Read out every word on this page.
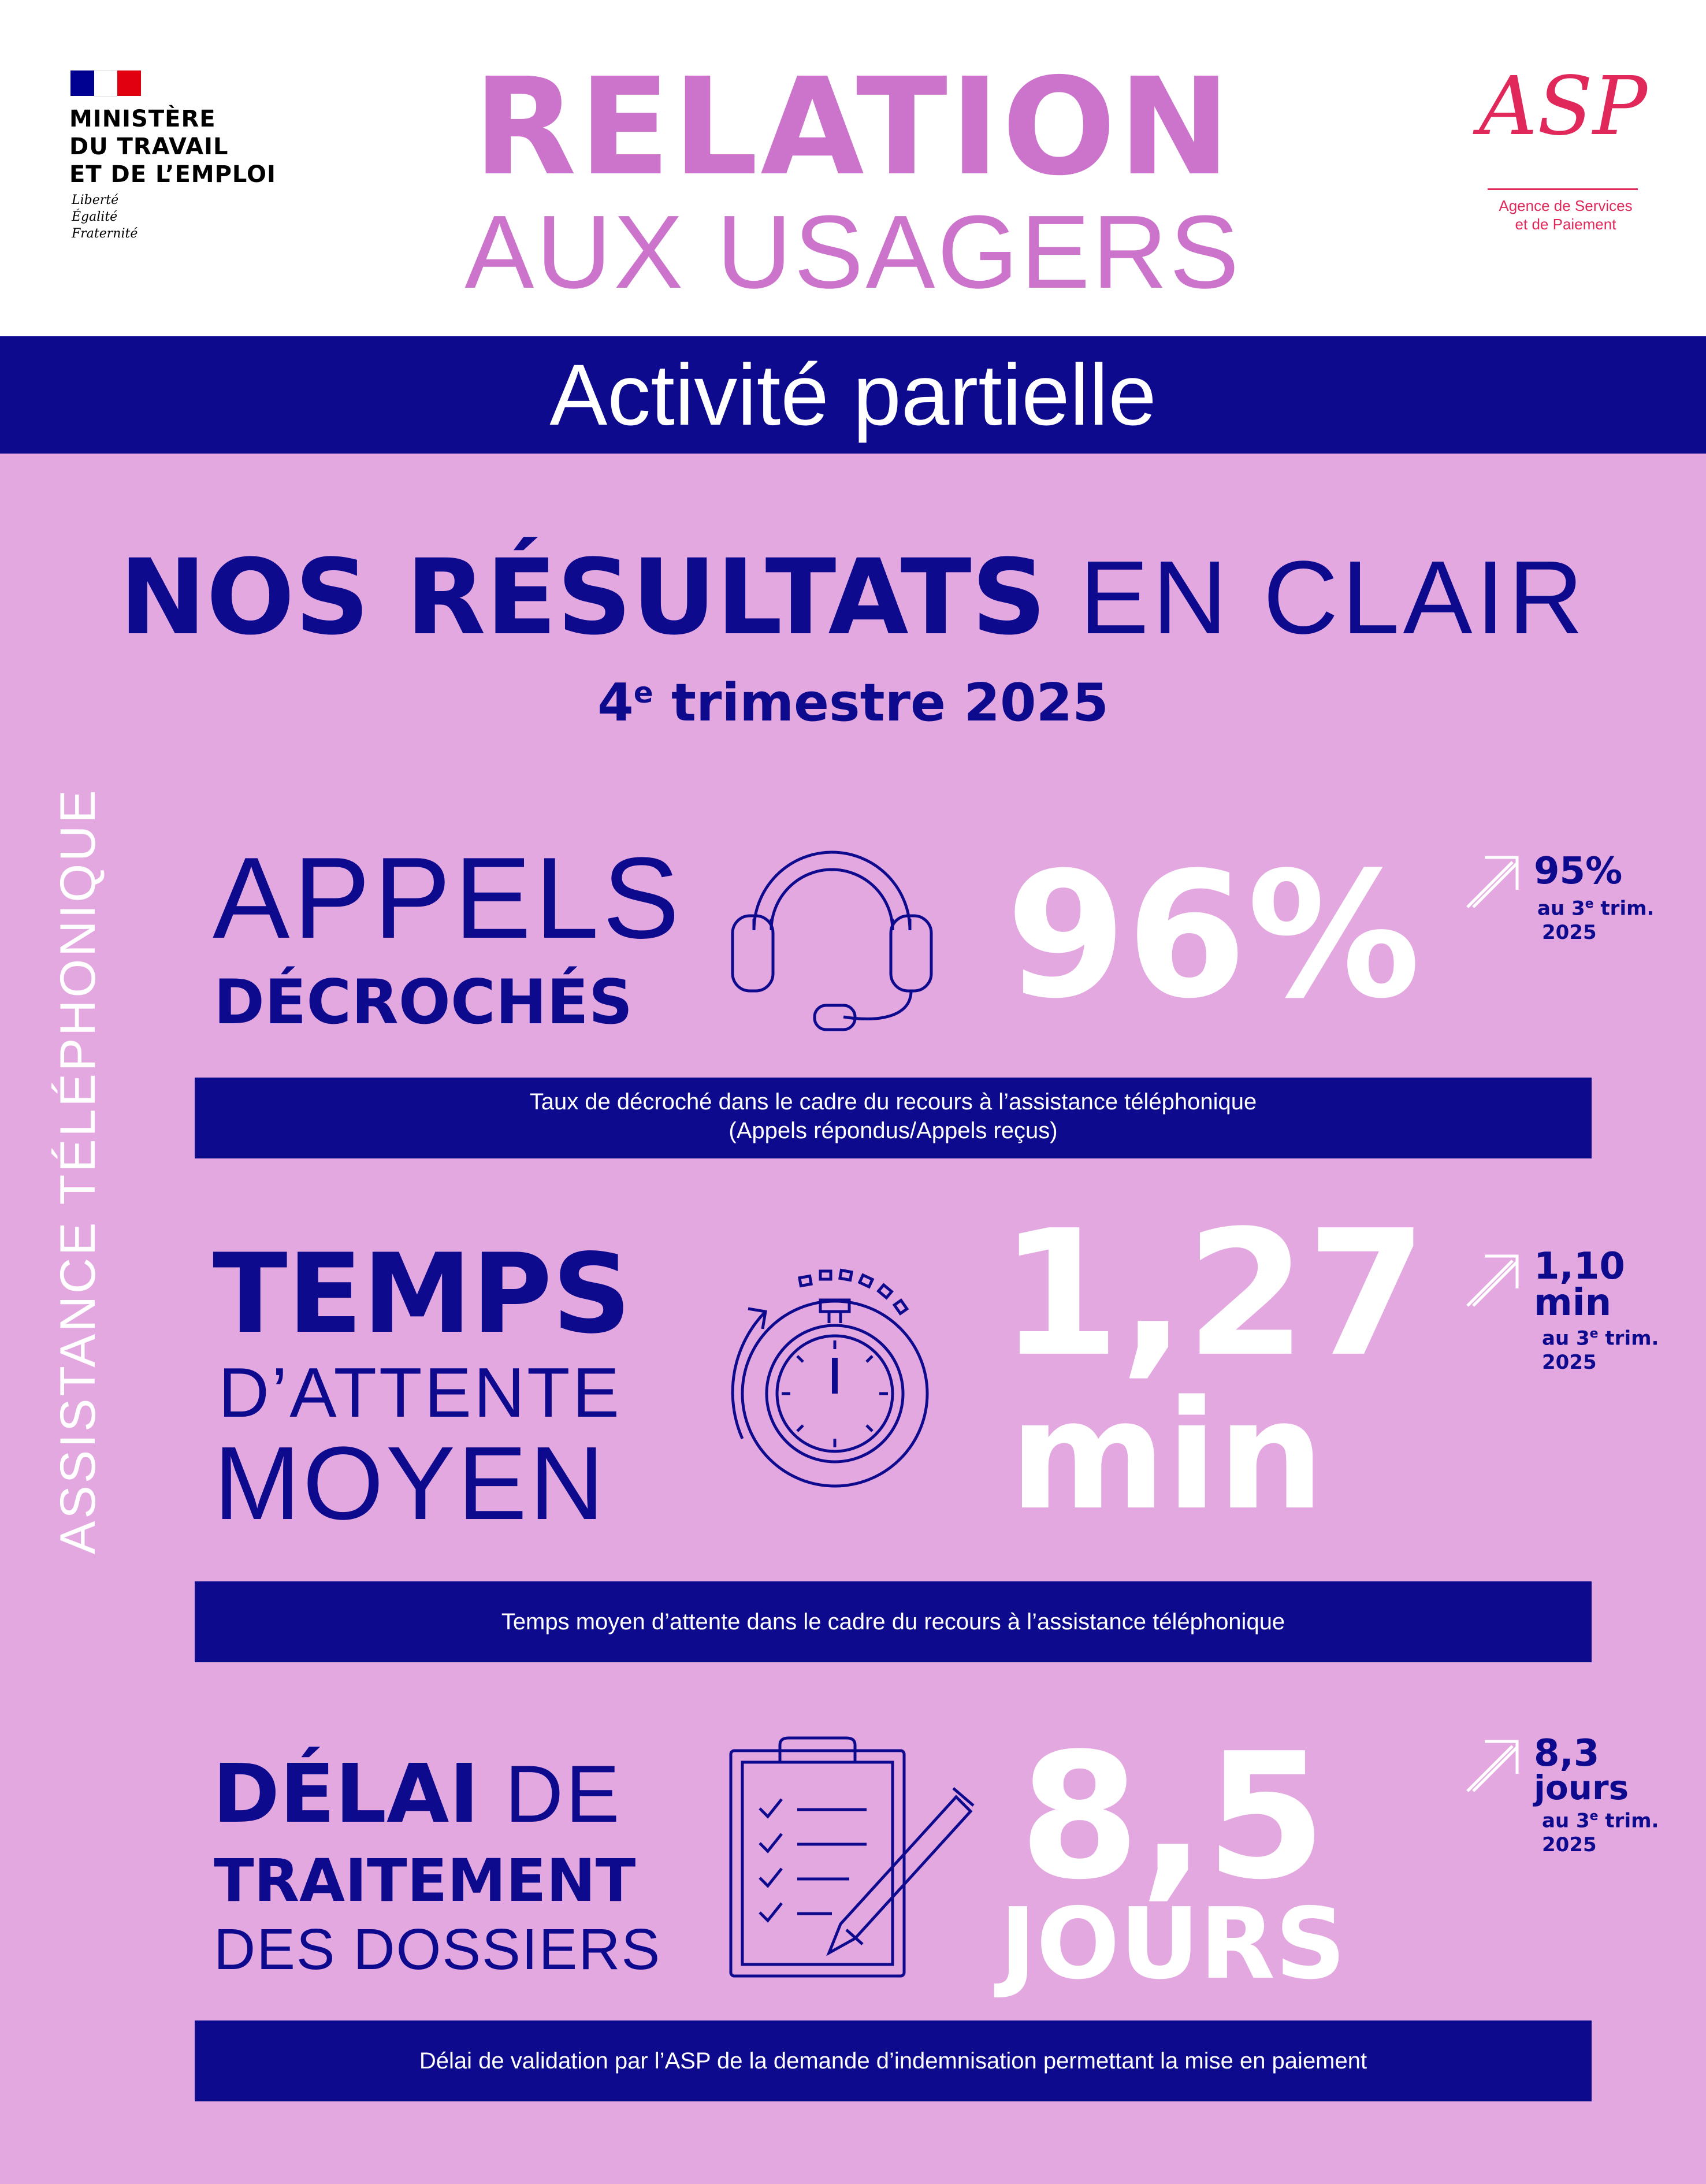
MINISTÈRE
DU TRAVAIL
ET DE L’EMPLOI
Liberté
Égalité
Fraternité
RELATION
AUX USAGERS
ASP
Agence de Services
et de Paiement
Activité partielle
NOS RÉSULTATS EN CLAIR
4e trimestre 2025
ASSISTANCE TÉLÉPHONIQUE APPELS
DÉCROCHÉS 96%	95%
au 3e trim.
2025
Taux de décroché dans le cadre du recours à l’assistance téléphonique
(Appels répondus/Appels reçus)
TEMPS
D’ATTENTE
MOYEN
1,27
min
1,10
min
au 3e trim.
2025
Temps moyen d’attente dans le cadre du recours à l’assistance téléphonique
DÉLAI DE
TRAITEMENT
DES DOSSIERS
8,5
JOURS
8,3
jours
au 3e trim.
2025
Délai de validation par l’ASP de la demande d’indemnisation permettant la mise en paiement
